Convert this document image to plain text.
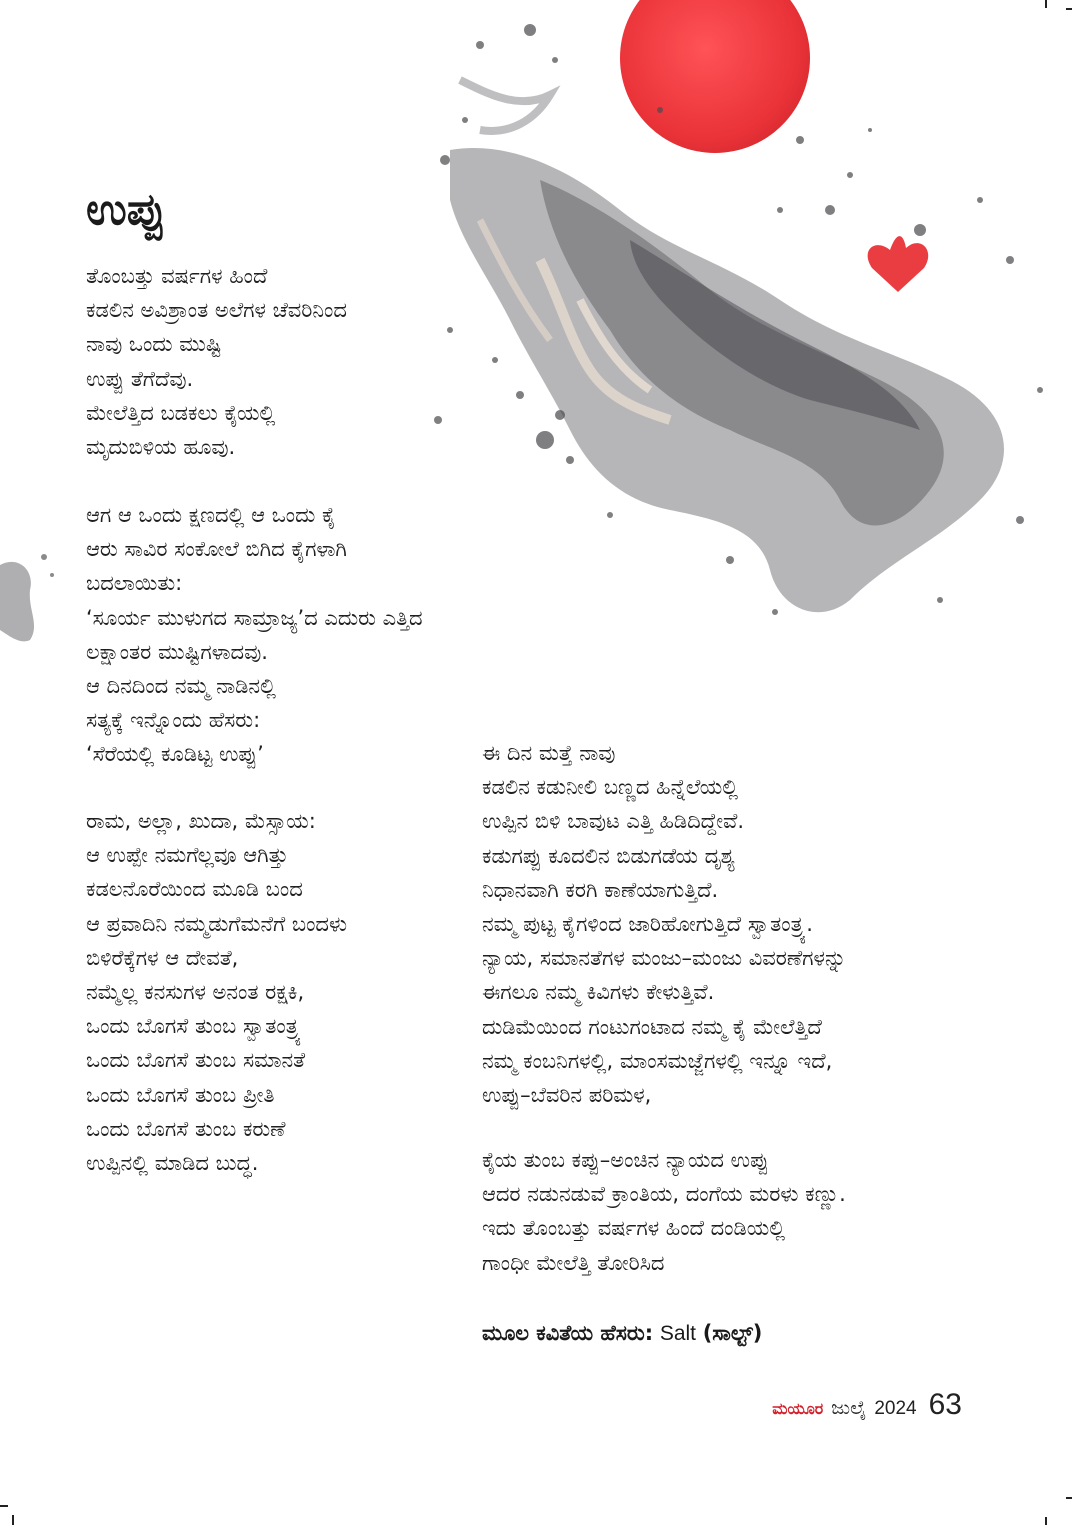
ಉಪ್ಪು
ತೊಂಬತ್ತು ವರ್ಷಗಳ ಹಿಂದೆ
ಕಡಲಿನ ಅವಿಶ್ರಾಂತ ಅಲೆಗಳ ಚೆವರಿನಿಂದ
ನಾವು ಒಂದು ಮುಷ್ಟಿ
ಉಪ್ಪು ತೆಗೆದೆವು.
ಮೇಲೆತ್ತಿದ ಬಡಕಲು ಕೈಯಲ್ಲಿ
ಮೃದುಬಿಳಿಯ ಹೂವು.
ಆಗ ಆ ಒಂದು ಕ್ಷಣದಲ್ಲಿ ಆ ಒಂದು ಕೈ
ಆರು ಸಾವಿರ ಸಂಕೋಲೆ ಬಿಗಿದ ಕೈಗಳಾಗಿ
ಬದಲಾಯಿತು:
‘ಸೂರ್ಯ ಮುಳುಗದ ಸಾಮ್ರಾಜ್ಯ’ದ ಎದುರು ಎತ್ತಿದ
ಲಕ್ಷಾಂತರ ಮುಷ್ಟಿಗಳಾದವು.
ಆ ದಿನದಿಂದ ನಮ್ಮ ನಾಡಿನಲ್ಲಿ
ಸತ್ಯಕ್ಕೆ ಇನ್ನೊಂದು ಹೆಸರು:
‘ಸೆರೆಯಲ್ಲಿ ಕೂಡಿಟ್ಟ ಉಪ್ಪು’
ರಾಮ, ಅಲ್ಲಾ, ಖುದಾ, ಮೆಸ್ಸಾಯ:
ಆ ಉಪ್ಪೇ ನಮಗೆಲ್ಲವೂ ಆಗಿತ್ತು
ಕಡಲನೊರೆಯಿಂದ ಮೂಡಿ ಬಂದ
ಆ ಪ್ರವಾದಿನಿ ನಮ್ಮಡುಗೆಮನೆಗೆ ಬಂದಳು
ಬಿಳಿರೆಕ್ಕೆಗಳ ಆ ದೇವತೆ,
ನಮ್ಮೆಲ್ಲ ಕನಸುಗಳ ಅನಂತ ರಕ್ಷಕಿ,
ಒಂದು ಬೊಗಸೆ ತುಂಬ ಸ್ವಾತಂತ್ರ್ಯ
ಒಂದು ಬೊಗಸೆ ತುಂಬ ಸಮಾನತೆ
ಒಂದು ಬೊಗಸೆ ತುಂಬ ಪ್ರೀತಿ
ಒಂದು ಬೊಗಸೆ ತುಂಬ ಕರುಣೆ
ಉಪ್ಪಿನಲ್ಲಿ ಮಾಡಿದ ಬುದ್ಧ.
ಈ ದಿನ ಮತ್ತೆ ನಾವು
ಕಡಲಿನ ಕಡುನೀಲಿ ಬಣ್ಣದ ಹಿನ್ನೆಲೆಯಲ್ಲಿ
ಉಪ್ಪಿನ ಬಿಳಿ ಬಾವುಟ ಎತ್ತಿ ಹಿಡಿದಿದ್ದೇವೆ.
ಕಡುಗಪ್ಪು ಕೂದಲಿನ ಬಿಡುಗಡೆಯ ದೃಶ್ಯ
ನಿಧಾನವಾಗಿ ಕರಗಿ ಕಾಣೆಯಾಗುತ್ತಿದೆ.
ನಮ್ಮ ಪುಟ್ಟ ಕೈಗಳಿಂದ ಜಾರಿಹೋಗುತ್ತಿದೆ ಸ್ವಾತಂತ್ರ್ಯ.
ನ್ಯಾಯ, ಸಮಾನತೆಗಳ ಮಂಜು–ಮಂಜು ವಿವರಣೆಗಳನ್ನು
ಈಗಲೂ ನಮ್ಮ ಕಿವಿಗಳು ಕೇಳುತ್ತಿವೆ.
ದುಡಿಮೆಯಿಂದ ಗಂಟುಗಂಟಾದ ನಮ್ಮ ಕೈ ಮೇಲೆತ್ತಿದೆ
ನಮ್ಮ ಕಂಬನಿಗಳಲ್ಲಿ, ಮಾಂಸಮಜ್ಜೆಗಳಲ್ಲಿ ಇನ್ನೂ ಇದೆ,
ಉಪ್ಪು–ಬೆವರಿನ ಪರಿಮಳ,
ಕೈಯ ತುಂಬ ಕಪ್ಪು–ಅಂಚಿನ ನ್ಯಾಯದ ಉಪ್ಪು
ಆದರ ನಡುನಡುವೆ ಕ್ರಾಂತಿಯ, ದಂಗೆಯ ಮರಳು ಕಣ್ಣು.
ಇದು ತೊಂಬತ್ತು ವರ್ಷಗಳ ಹಿಂದೆ ದಂಡಿಯಲ್ಲಿ
ಗಾಂಧೀ ಮೇಲೆತ್ತಿ ತೋರಿಸಿದ
ಮೂಲ ಕವಿತೆಯ ಹೆಸರು: Salt (ಸಾಲ್ಟ್)
ಮಯೂರ ಜುಲೈ 2024 63
